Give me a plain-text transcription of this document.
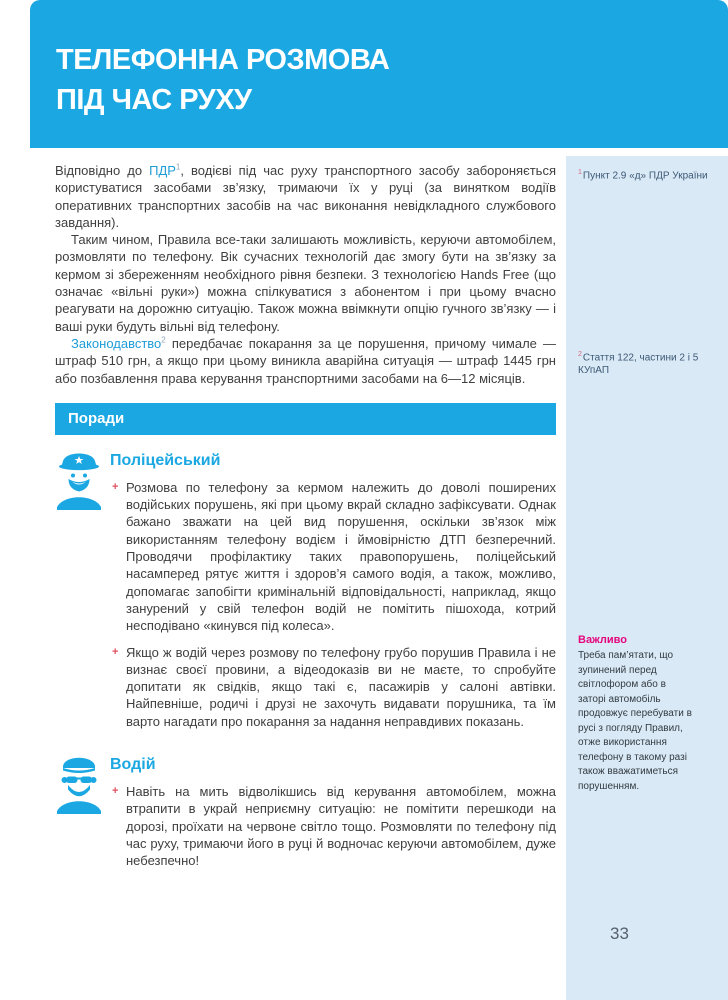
ТЕЛЕФОННА РОЗМОВА
ПІД ЧАС РУХУ

Відповідно до ПДР$^1$, водієві під час руху транспортного засобу забороняється користуватися засобами зв’язку, тримаючи їх у руці (за винятком водіїв оперативних транспортних засобів на час виконання невідкладного службового завдання).

Таким чином, Правила все-таки залишають можливість, керуючи автомобілем, розмовляти по телефону. Вік сучасних технологій дає змогу бути на зв’язку за кермом зі збереженням необхідного рівня безпеки. З технологією Hands Free (що означає «вільні руки») можна спілкуватися з абонентом і при цьому вчасно реагувати на дорожню ситуацію. Також можна ввімкнути опцію гучного зв’язку — і ваші руки будуть вільні від телефону.

Законодавство$^2$ передбачає покарання за це порушення, причому чимале — штраф 510 грн, а якщо при цьому виникла аварійна ситуація — штраф 1445 грн або позбавлення права керування транспортними засобами на 6—12 місяців.

Поради
Поліцейський
+ Розмова по телефону за кермом належить до доволі поширених водійських порушень, які при цьому вкрай складно зафіксувати. Однак бажано зважати на цей вид порушення, оскільки зв’язок між використанням телефону водієм і ймовірністю ДТП безперечний. Проводячи профілактику таких правопорушень, поліцейський насамперед рятує життя і здоров’я самого водія, а також, можливо, допомагає запобігти кримінальній відповідальності, наприклад, якщо занурений у свій телефон водій не помітить пішохода, котрий несподівано «кинувся під колеса».
+ Якщо ж водій через розмову по телефону грубо порушив Правила і не визнає своєї провини, а відеодоказів ви не маєте, то спробуйте допитати як свідків, якщо такі є, пасажирів у салоні автівки. Найпевніше, родичі і друзі не захочуть видавати порушника, та їм варто нагадати про покарання за надання неправдивих показань.
Водій
+ Навіть на мить відволікшись від керування автомобілем, можна втрапити в украй неприємну ситуацію: не помітити перешкоди на дорозі, проїхати на червоне світло тощо. Розмовляти по телефону під час руху, тримаючи його в руці й водночас керуючи автомобілем, дуже небезпечно!
$^1$Пункт 2.9 «д» ПДР України
$^2$Стаття 122, частини 2 і 5 КУпАП
Важливо
Треба пам’ятати, що зупинений перед світлофором або в заторі автомобіль продовжує перебувати в русі з погляду Правил, отже використання телефону в такому разі також вважатиметься порушенням.
33
